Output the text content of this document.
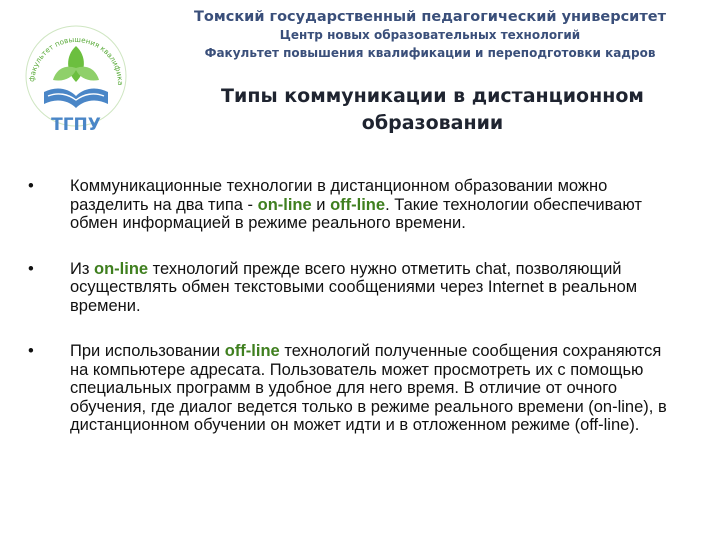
факультет повышения квалифика
ТГПУ
Томский государственный педагогический университет
Центр новых образовательных технологий
Факультет повышения квалификации и переподготовки кадров
Типы коммуникации в дистанционном
образовании
• Коммуникационные технологии в дистанционном образовании можно разделить на два типа - on-line и off-line. Такие технологии обеспечивают обмен информацией в режиме реального времени.
• Из on-line технологий прежде всего нужно отметить chat, позволяющий осуществлять обмен текстовыми сообщениями через Internet в реальном времени.
• При использовании off-line технологий полученные сообщения сохраняются на компьютере адресата. Пользователь может просмотреть их с помощью специальных программ в удобное для него время. В отличие от очного обучения, где диалог ведется только в режиме реального времени (on-line), в дистанционном обучении он может идти и в отложенном режиме (off-line).
